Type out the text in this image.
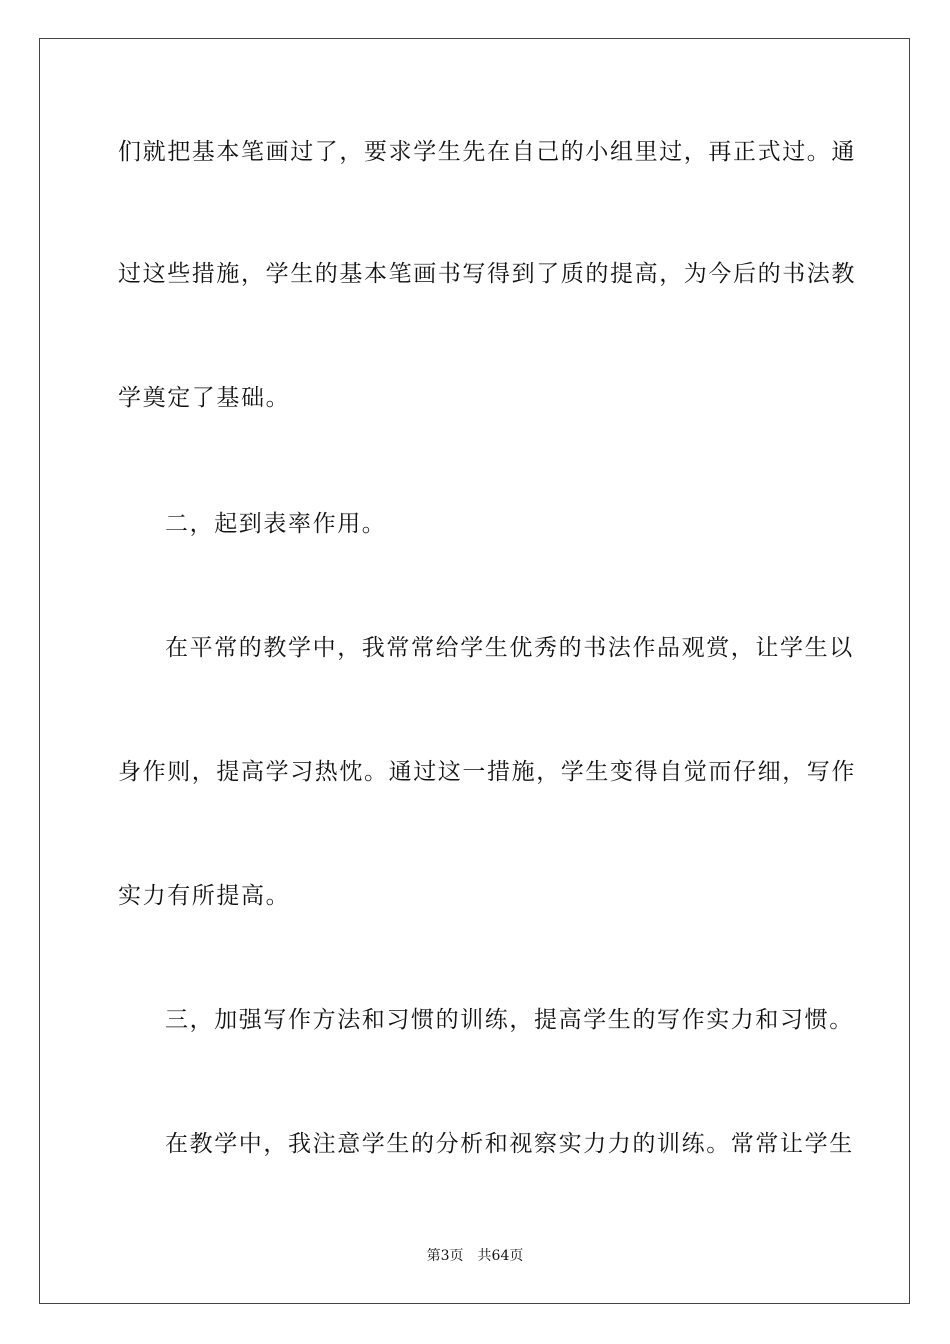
们就把基本笔画过了，要求学生先在自己的小组里过，再正式过。通
过这些措施，学生的基本笔画书写得到了质的提高，为今后的书法教
学奠定了基础。
二，起到表率作用。
在平常的教学中，我常常给学生优秀的书法作品观赏，让学生以
身作则，提高学习热忱。通过这一措施，学生变得自觉而仔细，写作
实力有所提高。
三，加强写作方法和习惯的训练，提高学生的写作实力和习惯。
在教学中，我注意学生的分析和视察实力力的训练。常常让学生
第3页 共64页
